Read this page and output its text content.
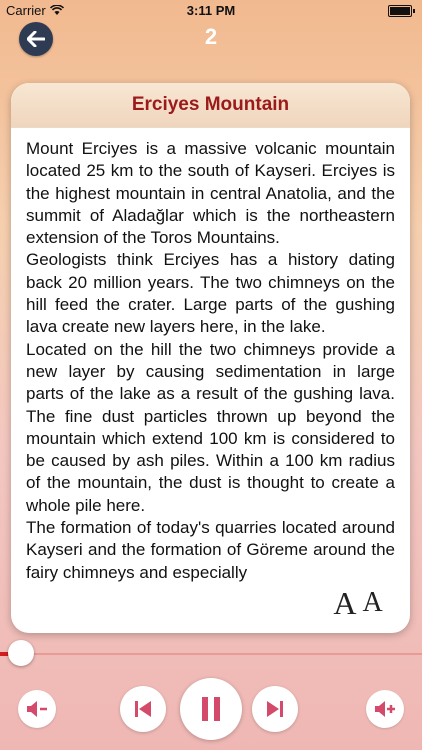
Carrier	3:11 PM
2
Erciyes Mountain

Mount Erciyes is a massive volcanic mountain located 25 km to the south of Kayseri. Erciyes is the highest mountain in central Anatolia, and the summit of Aladağlar which is the northeastern extension of the Toros Mountains.

Geologists think Erciyes has a history dating back 20 million years. The two chimneys on the hill feed the crater. Large parts of the gushing lava create new layers here, in the lake.

Located on the hill the two chimneys provide a new layer by causing sedimentation in large parts of the lake as a result of the gushing lava. The fine dust particles thrown up beyond the mountain which extend 100 km is considered to be caused by ash piles. Within a 100 km radius of the mountain, the dust is thought to create a whole pile here.

The formation of today's quarries located around Kayseri and the formation of Göreme around the fairy chimneys and especially

A A
